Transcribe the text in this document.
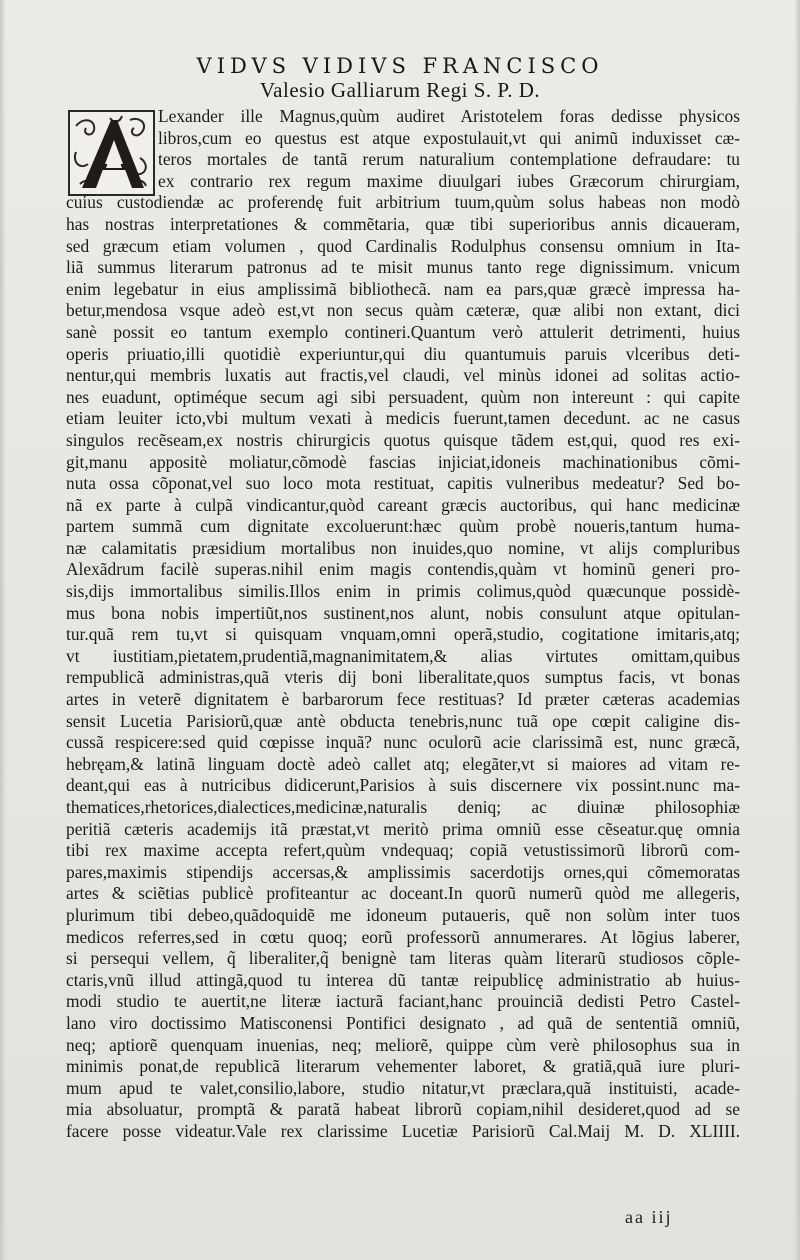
VIDVS VIDIVS FRANCISCO
Valesio Galliarum Regi S. P. D.
Lexander ille Magnus,quùm audiret Aristotelem foras dedisse physicos
libros,cum eo questus est atque expostulauit,vt qui animũ induxisset cæ-
teros mortales de tantã rerum naturalium contemplatione defraudare: tu
ex contrario rex regum maxime diuulgari iubes Græcorum chirurgiam,
cuius custodiendæ ac proferendę fuit arbitrium tuum,quùm solus habeas non modò
has nostras interpretationes & commẽtaria, quæ tibi superioribus annis dicaueram,
sed græcum etiam volumen , quod Cardinalis Rodulphus consensu omnium in Ita-
liã summus literarum patronus ad te misit munus tanto rege dignissimum. vnicum
enim legebatur in eius amplissimã bibliothecã. nam ea pars,quæ græcè impressa ha-
betur,mendosa vsque adeò est,vt non secus quàm cæteræ, quæ alibi non extant, dici
sanè possit eo tantum exemplo contineri.Quantum verò attulerit detrimenti, huius
operis priuatio,illi quotidiè experiuntur,qui diu quantumuis paruis vlceribus deti-
nentur,qui membris luxatis aut fractis,vel claudi, vel minùs idonei ad solitas actio-
nes euadunt, optiméque secum agi sibi persuadent, quùm non intereunt : qui capite
etiam leuiter icto,vbi multum vexati à medicis fuerunt,tamen decedunt. ac ne casus
singulos recẽseam,ex nostris chirurgicis quotus quisque tãdem est,qui, quod res exi-
git,manu appositè moliatur,cõmodè fascias injiciat,idoneis machinationibus cõmi-
nuta ossa cõponat,vel suo loco mota restituat, capitis vulneribus medeatur? Sed bo-
nã ex parte à culpã vindicantur,quòd careant græcis auctoribus, qui hanc medicinæ
partem summã cum dignitate excoluerunt:hæc quùm probè noueris,tantum huma-
næ calamitatis præsidium mortalibus non inuides,quo nomine, vt alijs compluribus
Alexãdrum facilè superas.nihil enim magis contendis,quàm vt hominũ generi pro-
sis,dijs immortalibus similis.Illos enim in primis colimus,quòd quæcunque possidè-
mus bona nobis impertiũt,nos sustinent,nos alunt, nobis consulunt atque opitulan-
tur.quã rem tu,vt si quisquam vnquam,omni operã,studio, cogitatione imitaris,atq;
vt iustitiam,pietatem,prudentiã,magnanimitatem,& alias virtutes omittam,quibus
rempublicã administras,quã vteris dij boni liberalitate,quos sumptus facis, vt bonas
artes in veterẽ dignitatem è barbarorum fece restituas? Id præter cæteras academias
sensit Lucetia Parisiorũ,quæ antè obducta tenebris,nunc tuã ope cœpit caligine dis-
cussã respicere:sed quid cœpisse inquã? nunc oculorũ acie clarissimã est, nunc græcã,
hebręam,& latinã linguam doctè adeò callet atq; elegãter,vt si maiores ad vitam re-
deant,qui eas à nutricibus didicerunt,Parisios à suis discernere vix possint.nunc ma-
thematices,rhetorices,dialectices,medicinæ,naturalis deniq; ac diuinæ philosophiæ
peritiã cæteris academijs itã præstat,vt meritò prima omniũ esse cẽseatur.quę omnia
tibi rex maxime accepta refert,quùm vndequaq; copiã vetustissimorũ librorũ com-
pares,maximis stipendijs accersas,& amplissimis sacerdotijs ornes,qui cõmemoratas
artes & sciẽtias publicè profiteantur ac doceant.In quorũ numerũ quòd me allegeris,
plurimum tibi debeo,quãdoquidẽ me idoneum putaueris, quẽ non solùm inter tuos
medicos referres,sed in cœtu quoq; eorũ professorũ annumerares. At lõgius laberer,
si persequi vellem, q̃ liberaliter,q̃ benignè tam literas quàm literarũ studiosos cõple-
ctaris,vnũ illud attingã,quod tu interea dũ tantæ reipublicę administratio ab huius-
modi studio te auertit,ne literæ iacturã faciant,hanc prouinciã dedisti Petro Castel-
lano viro doctissimo Matisconensi Pontifici designato , ad quã de sententiã omniũ,
neq; aptiorẽ quenquam inuenias, neq; meliorẽ, quippe cùm verè philosophus sua in
minimis ponat,de republicã literarum vehementer laboret, & gratiã,quã iure pluri-
mum apud te valet,consilio,labore, studio nitatur,vt præclara,quã instituisti, acade-
mia absoluatur, promptã & paratã habeat librorũ copiam,nihil desideret,quod ad se
facere posse videatur.Vale rex clarissime Lucetiæ Parisiorũ Cal.Maij M. D. XLIIII.
aa iij
